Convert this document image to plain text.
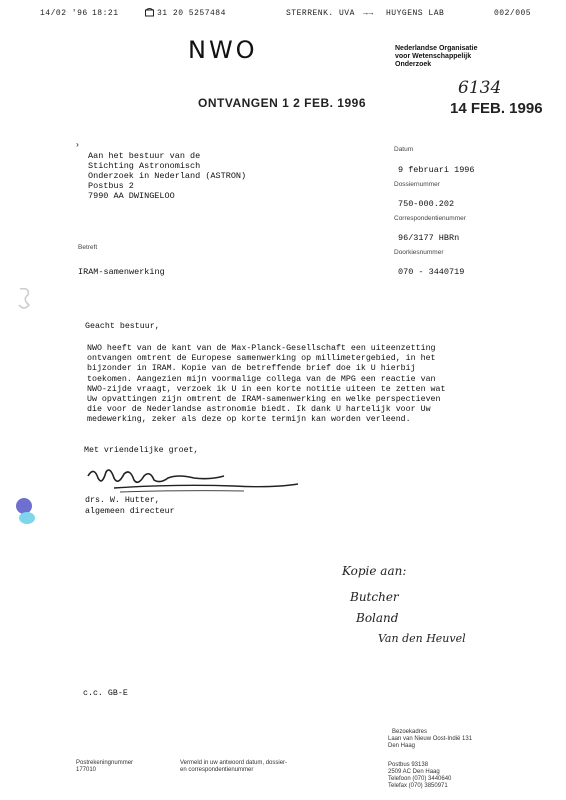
14/02 '96 18:21	31 20 5257484	STERRENK. UVA →→ HUYGENS LAB	002/005
NWO	Nederlandse Organisatie
voor Wetenschappelijk
Onderzoek
6134
ONTVANGEN 1 2 FEB. 1996	14 FEB. 1996
›
Aan het bestuur van de
Stichting Astronomisch
Onderzoek in Nederland (ASTRON)
Postbus 2
7990 AA DWINGELOO
Datum
9 februari 1996
Dossiernummer
750-000.202
Correspondentienummer
96/3177 HBRn
Doorkiesnummer
070 - 3440719
Betreft
IRAM-samenwerking
Geacht bestuur,
NWO heeft van de kant van de Max-Planck-Gesellschaft een uiteenzetting
ontvangen omtrent de Europese samenwerking op millimetergebied, in het
bijzonder in IRAM. Kopie van de betreffende brief doe ik U hierbij
toekomen. Aangezien mijn voormalige collega van de MPG een reactie van
NWO-zijde vraagt, verzoek ik U in een korte notitie uiteen te zetten wat
Uw opvattingen zijn omtrent de IRAM-samenwerking en welke perspectieven
die voor de Nederlandse astronomie biedt. Ik dank U hartelijk voor Uw
medewerking, zeker als deze op korte termijn kan worden verleend.
Met vriendelijke groet,
drs. W. Hutter,
algemeen directeur
Kopie aan:
Butcher
Boland
Van den Heuvel
c.c. GB-E
Bezoekadres
Laan van Nieuw Oost-Indië 131
Den Haag
Postrekeningnummer
177010
Vermeld in uw antwoord datum, dossier-
en correspondentienummer
Postbus 93138
2509 AC Den Haag
Telefoon (070) 3440640
Telefax (070) 3850971
